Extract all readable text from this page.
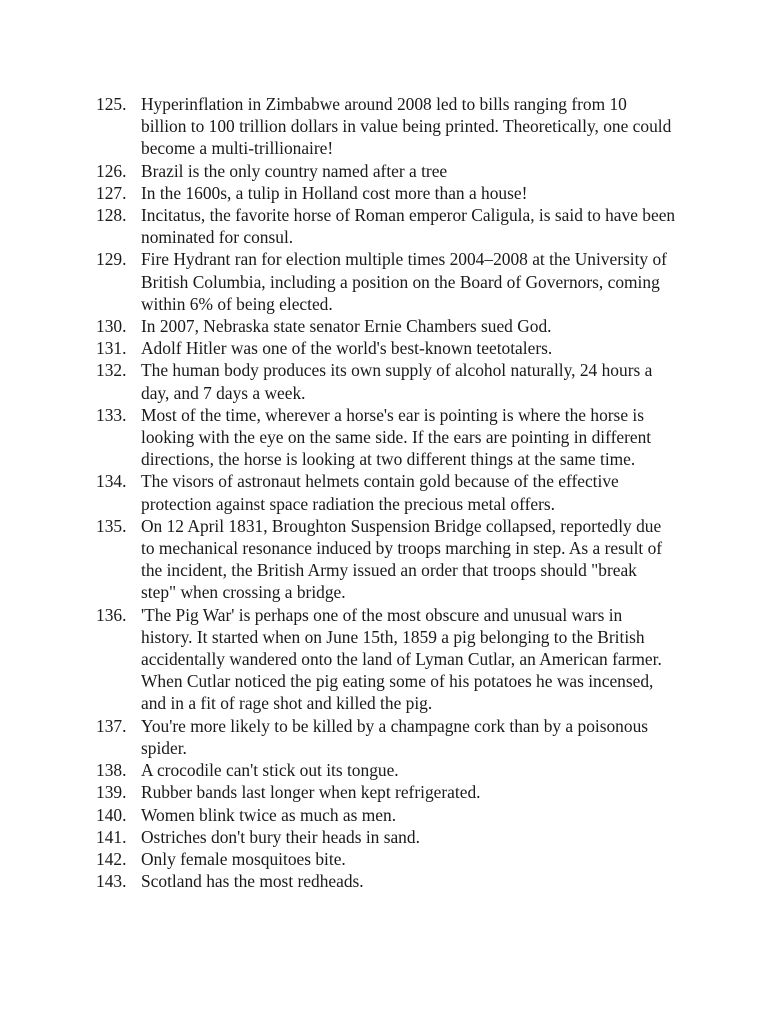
125. Hyperinflation in Zimbabwe around 2008 led to bills ranging from 10 billion to 100 trillion dollars in value being printed. Theoretically, one could become a multi-trillionaire!
126. Brazil is the only country named after a tree
127. In the 1600s, a tulip in Holland cost more than a house!
128. Incitatus, the favorite horse of Roman emperor Caligula, is said to have been nominated for consul.
129. Fire Hydrant ran for election multiple times 2004–2008 at the University of British Columbia, including a position on the Board of Governors, coming within 6% of being elected.
130. In 2007, Nebraska state senator Ernie Chambers sued God.
131. Adolf Hitler was one of the world's best-known teetotalers.
132. The human body produces its own supply of alcohol naturally, 24 hours a day, and 7 days a week.
133. Most of the time, wherever a horse's ear is pointing is where the horse is looking with the eye on the same side. If the ears are pointing in different directions, the horse is looking at two different things at the same time.
134. The visors of astronaut helmets contain gold because of the effective protection against space radiation the precious metal offers.
135. On 12 April 1831, Broughton Suspension Bridge collapsed, reportedly due to mechanical resonance induced by troops marching in step. As a result of the incident, the British Army issued an order that troops should "break step" when crossing a bridge.
136. 'The Pig War' is perhaps one of the most obscure and unusual wars in history. It started when on June 15th, 1859 a pig belonging to the British accidentally wandered onto the land of Lyman Cutlar, an American farmer. When Cutlar noticed the pig eating some of his potatoes he was incensed, and in a fit of rage shot and killed the pig.
137. You're more likely to be killed by a champagne cork than by a poisonous spider.
138. A crocodile can't stick out its tongue.
139. Rubber bands last longer when kept refrigerated.
140. Women blink twice as much as men.
141. Ostriches don't bury their heads in sand.
142. Only female mosquitoes bite.
143. Scotland has the most redheads.
